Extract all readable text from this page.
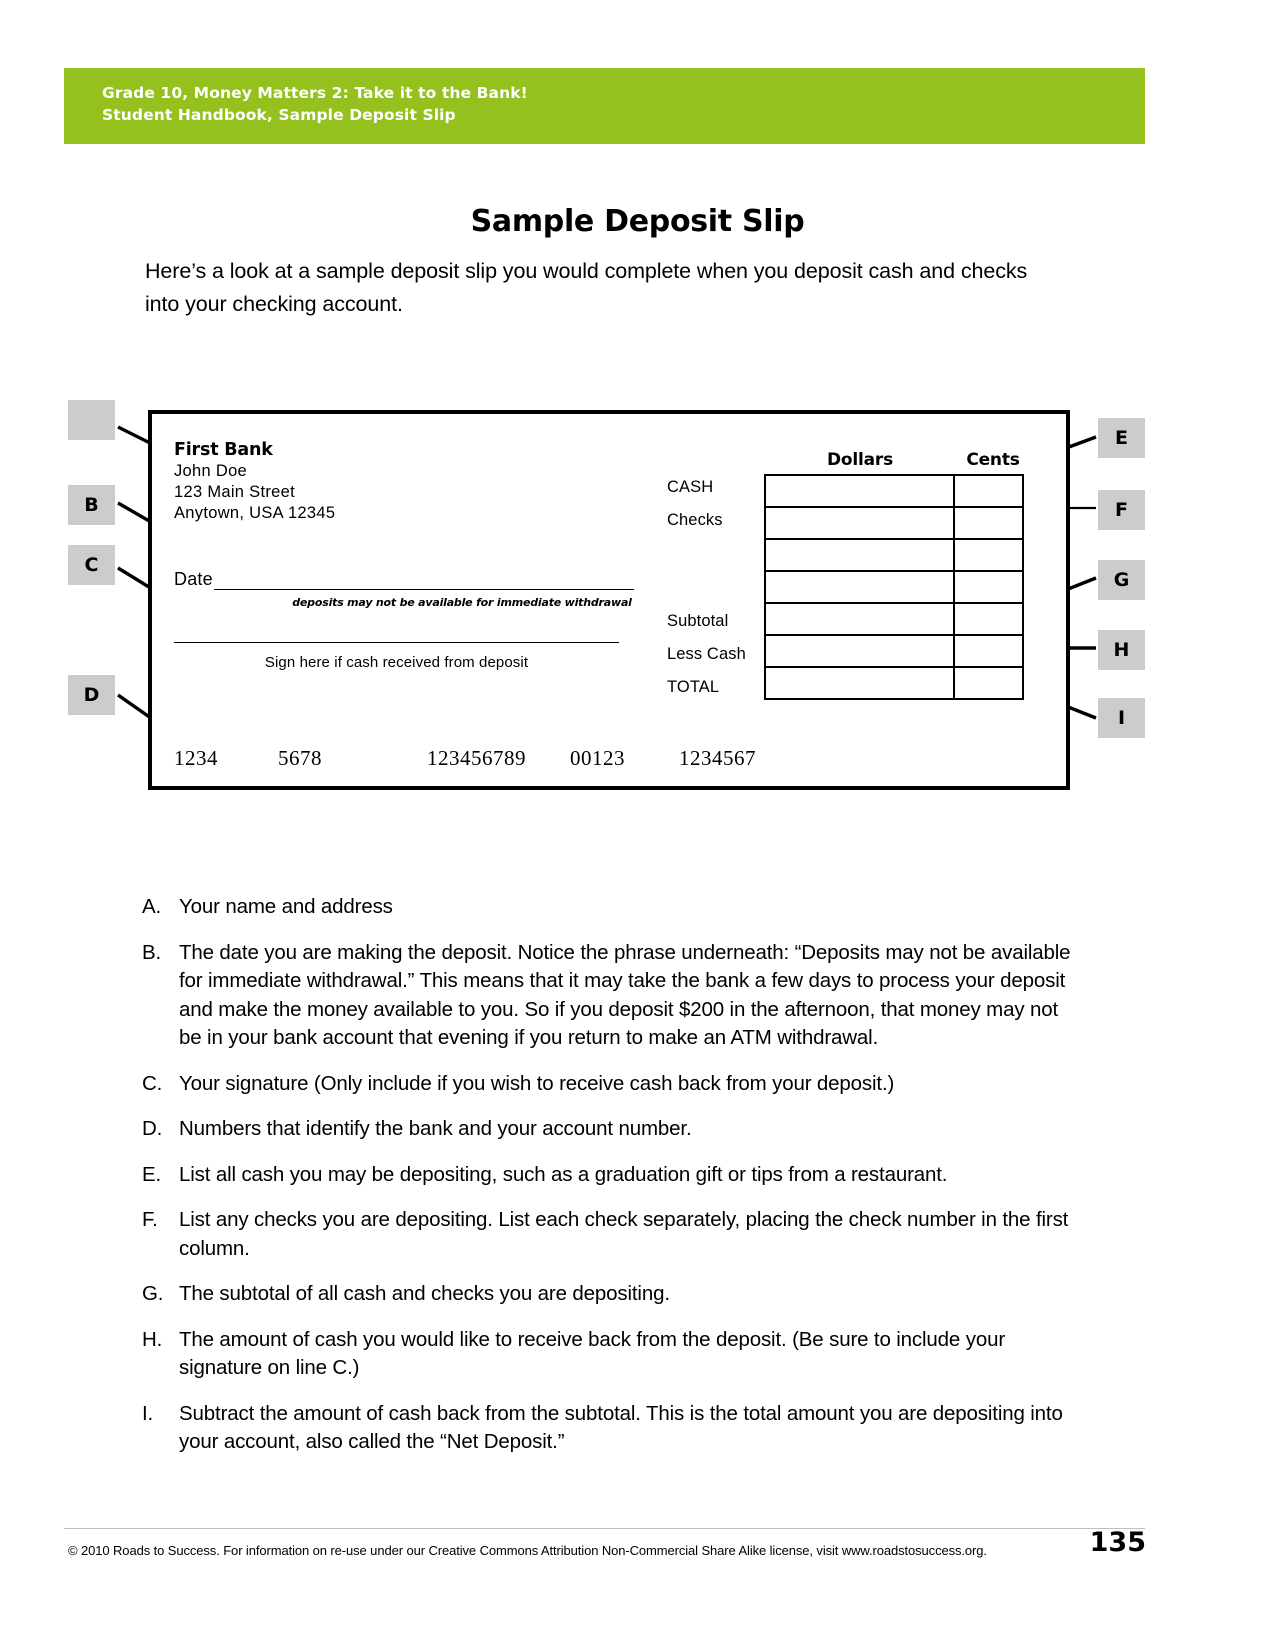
Grade 10, Money Matters 2: Take it to the Bank!
Student Handbook, Sample Deposit Slip
Sample Deposit Slip
Here’s a look at a sample deposit slip you would complete when you deposit cash and checks into your checking account.
B
C
D
E
F
G
H
I
First Bank
John Doe
123 Main Street
Anytown, USA 12345
Date
deposits may not be available for immediate withdrawal
Sign here if cash received from deposit
1234	5678	123456789 00123	1234567
Dollars	Cents
CASH
Checks
Subtotal
Less Cash
TOTAL

A. Your name and address
B. The date you are making the deposit. Notice the phrase underneath: “Deposits may not be available for immediate withdrawal.” This means that it may take the bank a few days to process your deposit and make the money available to you. So if you deposit $200 in the afternoon, that money may not be in your bank account that evening if you return to make an ATM withdrawal.
C. Your signature (Only include if you wish to receive cash back from your deposit.)
D. Numbers that identify the bank and your account number.
E. List all cash you may be depositing, such as a graduation gift or tips from a restaurant.
F.	List any checks you are depositing. List each check separately, placing the check number in the first column.
G. The subtotal of all cash and checks you are depositing.
H. The amount of cash you would like to receive back from the deposit. (Be sure to include your signature on line C.)
I.	Subtract the amount of cash back from the subtotal. This is the total amount you are depositing into your account, also called the “Net Deposit.”
© 2010 Roads to Success. For information on re-use under our Creative Commons Attribution Non-Commercial Share Alike license, visit www.roadstosuccess.org.	135
